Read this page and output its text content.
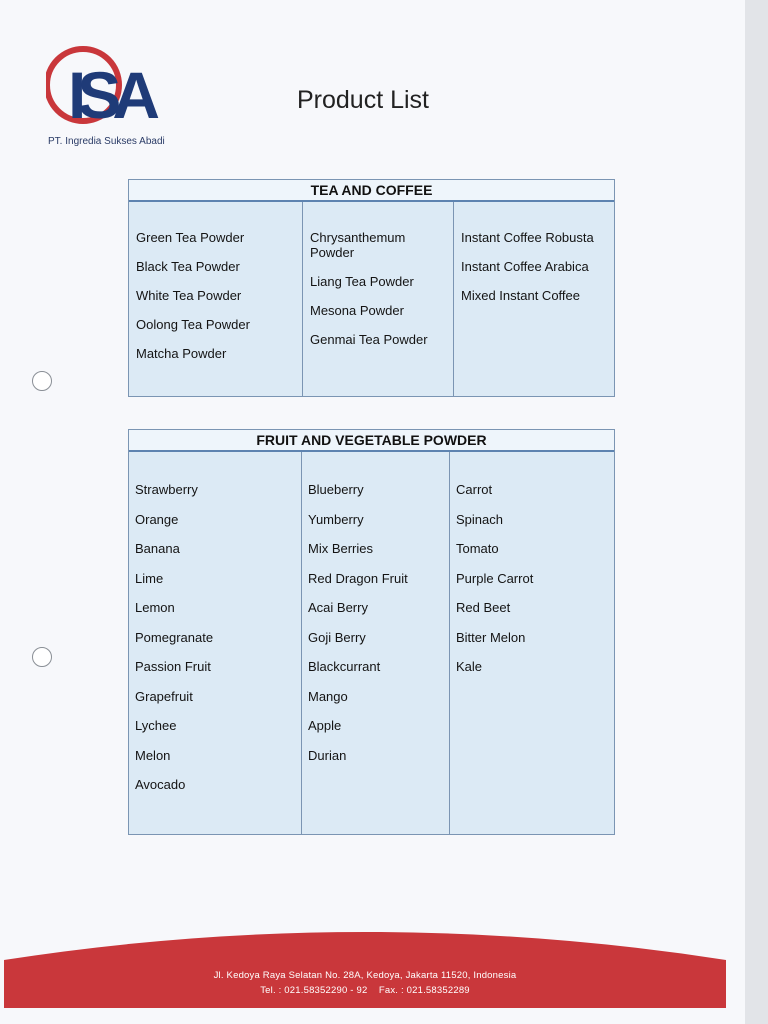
ISA
PT. Ingredia Sukses Abadi
Product List
TEA AND COFFEE
Green Tea Powder
Black Tea Powder
White Tea Powder
Oolong Tea Powder
Matcha Powder
Chrysanthemum Powder
Liang Tea Powder
Mesona Powder
Genmai Tea Powder
Instant Coffee Robusta
Instant Coffee Arabica
Mixed Instant Coffee
FRUIT AND VEGETABLE POWDER
Strawberry
Orange
Banana
Lime
Lemon
Pomegranate
Passion Fruit
Grapefruit
Lychee
Melon
Avocado
Blueberry
Yumberry
Mix Berries
Red Dragon Fruit
Acai Berry
Goji Berry
Blackcurrant
Mango
Apple
Durian
Carrot
Spinach
Tomato
Purple Carrot
Red Beet
Bitter Melon
Kale
Jl. Kedoya Raya Selatan No. 28A, Kedoya, Jakarta 11520, Indonesia
Tel. : 021.58352290 - 92    Fax. : 021.58352289
